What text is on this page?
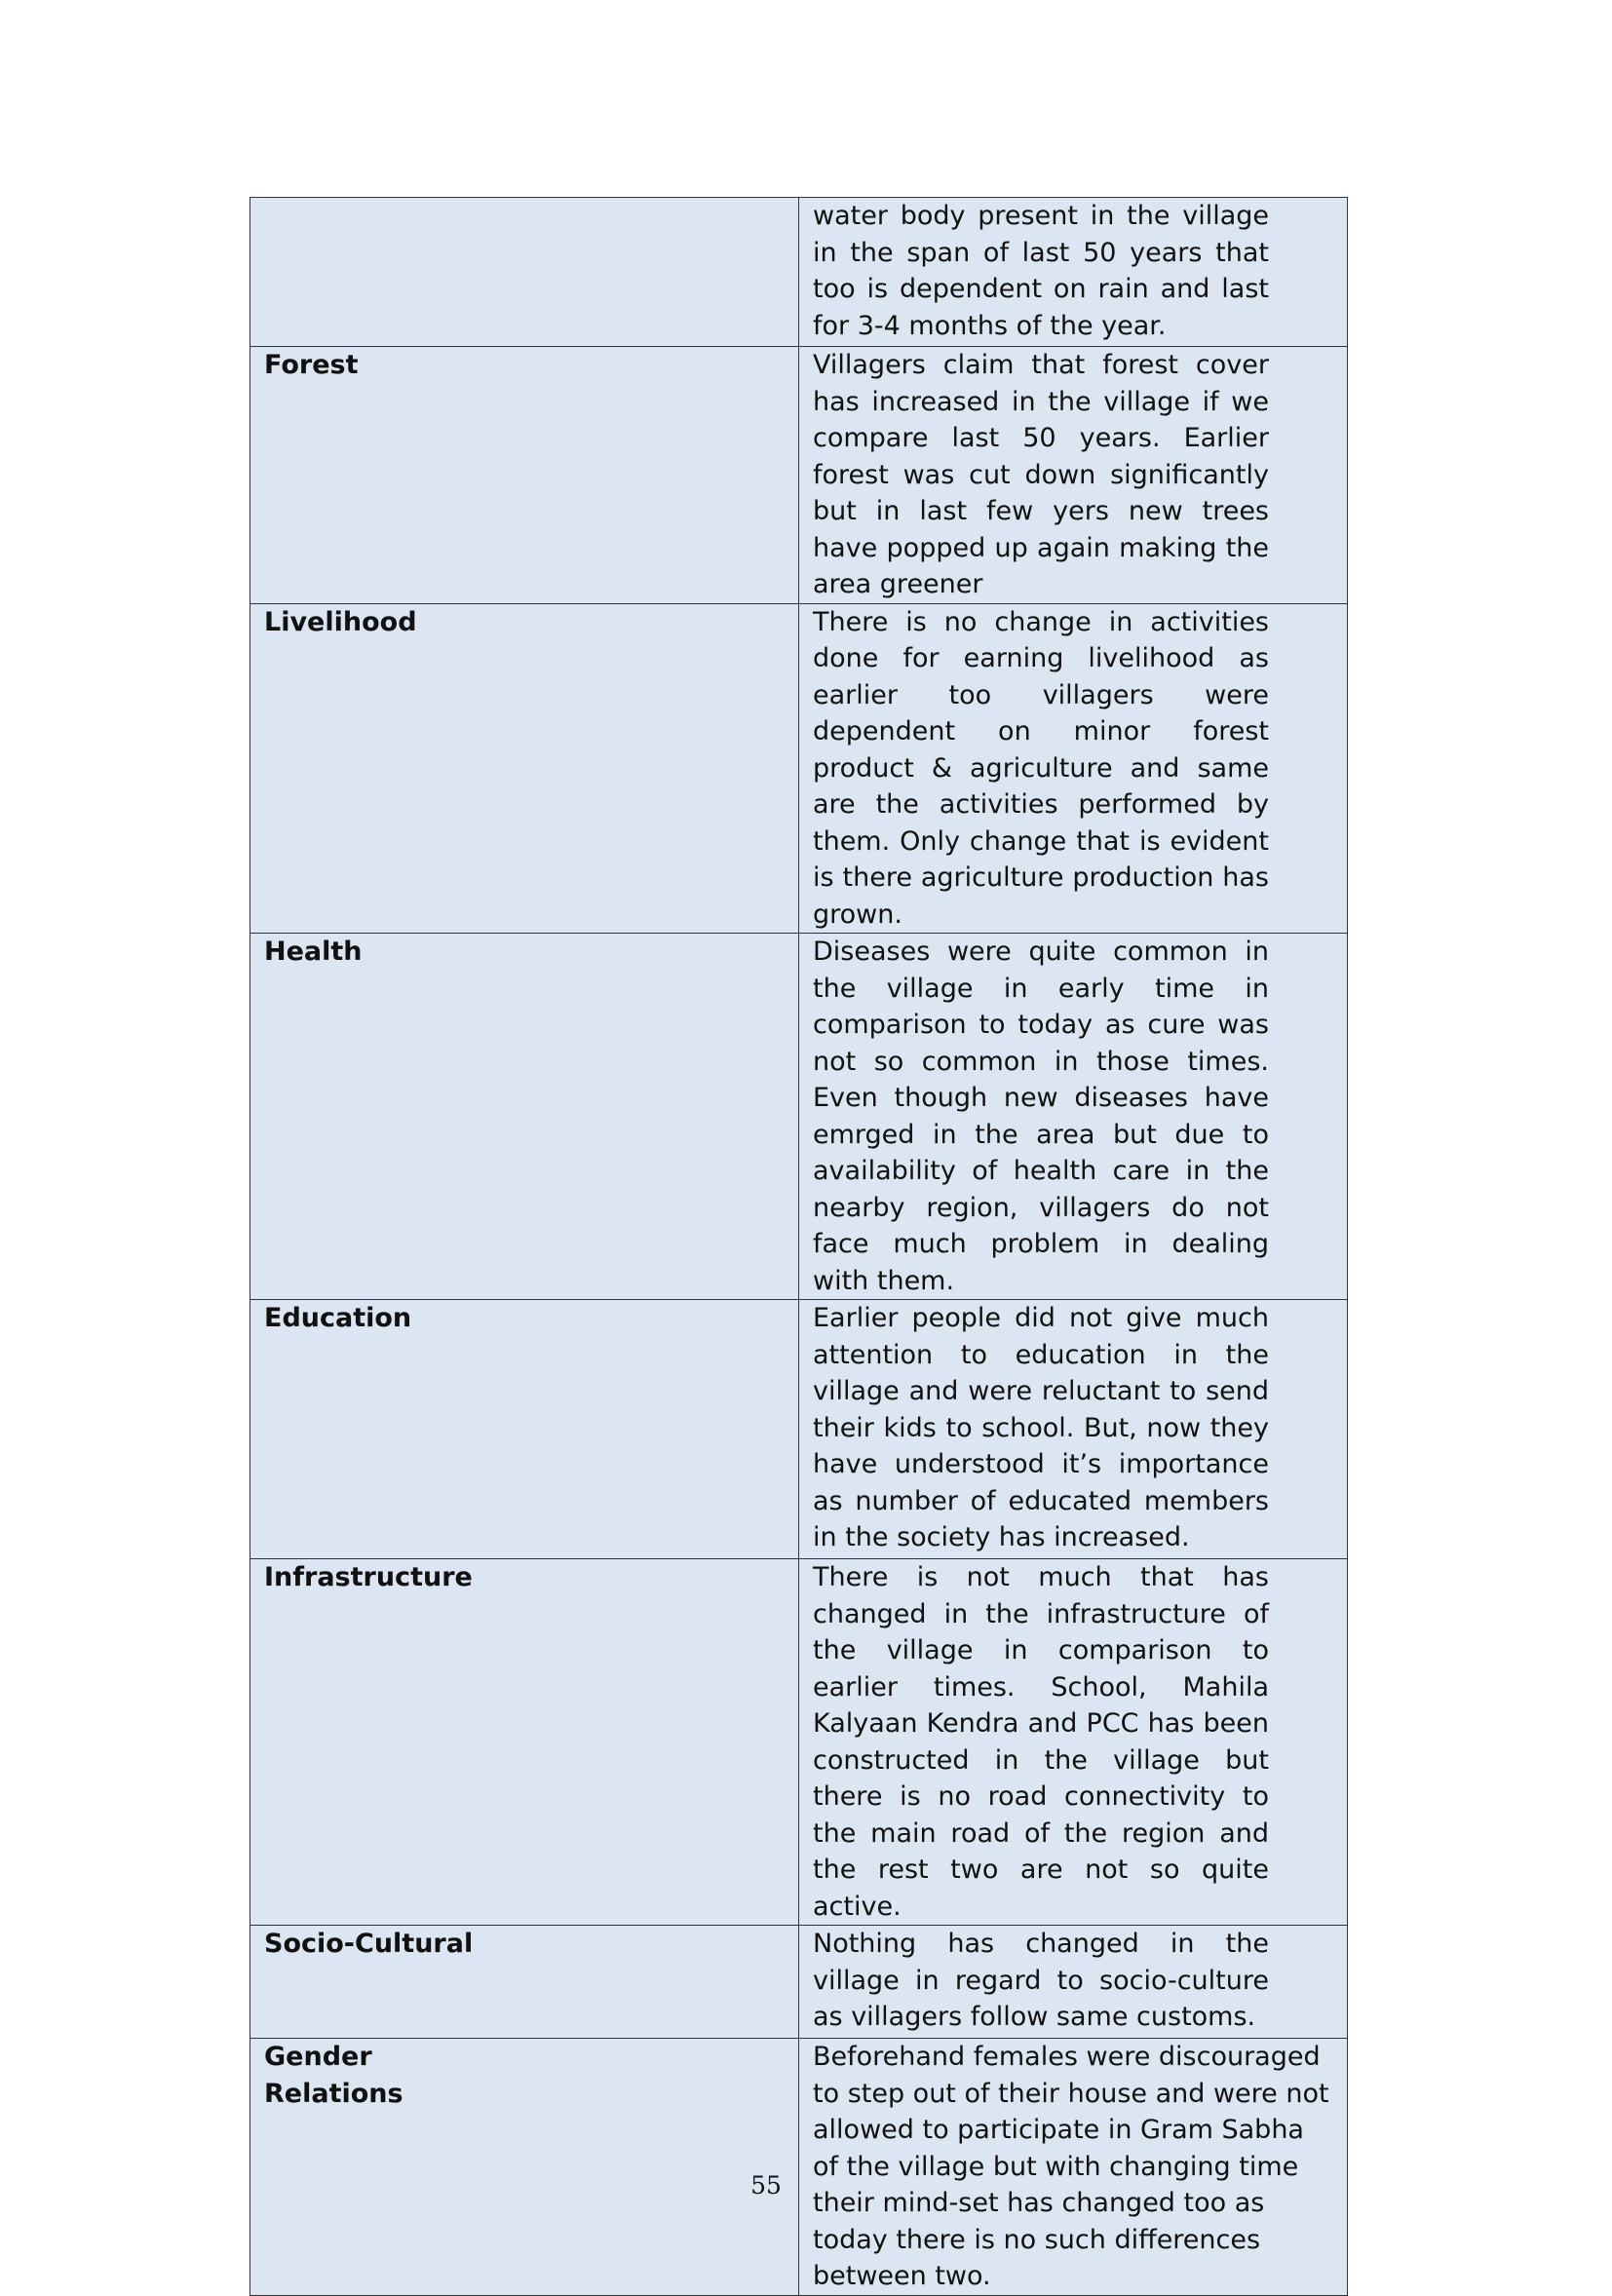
	water body present in the village in the span of last 50 years that too is dependent on rain and last for 3-4 months of the year.

Forest	Villagers claim that forest cover has increased in the village if we compare last 50 years. Earlier forest was cut down significantly but in last few yers new trees have popped up again making the area greener

Livelihood	There is no change in activities done for earning livelihood as earlier too villagers were dependent on minor forest product & agriculture and same are the activities performed by them. Only change that is evident is there agriculture production has grown.

Health	Diseases were quite common in the village in early time in comparison to today as cure was not so common in those times. Even though new diseases have emrged in the area but due to availability of health care in the nearby region, villagers do not face much problem in dealing with them.

Education	Earlier people did not give much attention to education in the village and were reluctant to send their kids to school. But, now they have understood it’s importance as number of educated members in the society has increased.

Infrastructure	There is not much that has changed in the infrastructure of the village in comparison to earlier times. School, Mahila Kalyaan Kendra and PCC has been constructed in the village but there is no road connectivity to the main road of the region and the rest two are not so quite active.

Socio-Cultural	Nothing has changed in the village in regard to socio-culture as villagers follow same customs.

Gender Relations	Beforehand females were discouraged to step out of their house and were not allowed to participate in Gram Sabha of the village but with changing time their mind-set has changed too as today there is no such differences between two.
55
